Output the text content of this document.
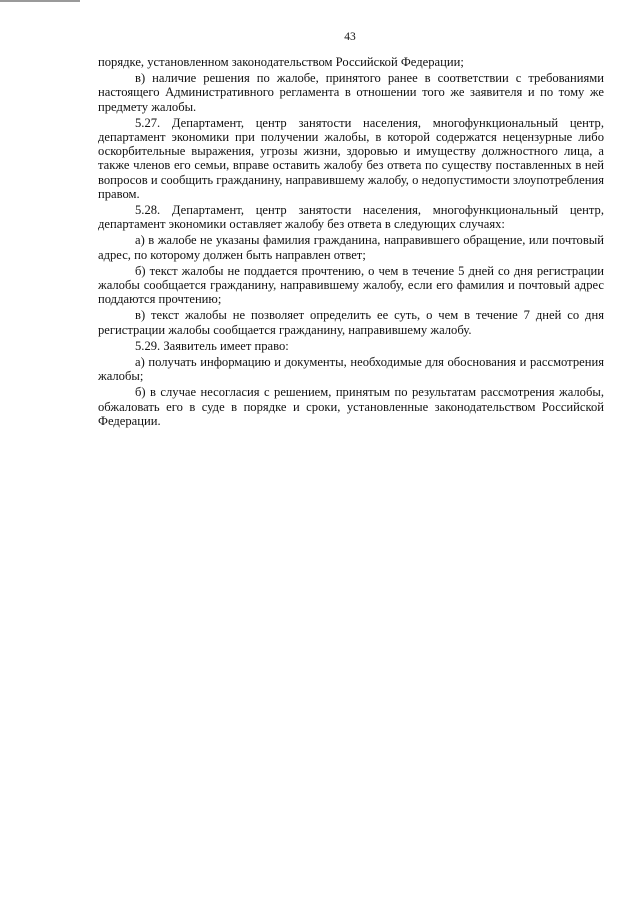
43

порядке, установленном законодательством Российской Федерации;

в) наличие решения по жалобе, принятого ранее в соответствии с требованиями настоящего Административного регламента в отношении того же заявителя и по тому же предмету жалобы.

5.27. Департамент, центр занятости населения, многофункциональный центр, департамент экономики при получении жалобы, в которой содержатся нецензурные либо оскорбительные выражения, угрозы жизни, здоровью и имуществу должностного лица, а также членов его семьи, вправе оставить жалобу без ответа по существу поставленных в ней вопросов и сообщить гражданину, направившему жалобу, о недопустимости злоупотребления правом.

5.28. Департамент, центр занятости населения, многофункциональный центр, департамент экономики оставляет жалобу без ответа в следующих случаях:

а) в жалобе не указаны фамилия гражданина, направившего обращение, или почтовый адрес, по которому должен быть направлен ответ;

б) текст жалобы не поддается прочтению, о чем в течение 5 дней со дня регистрации жалобы сообщается гражданину, направившему жалобу, если его фамилия и почтовый адрес поддаются прочтению;

в) текст жалобы не позволяет определить ее суть, о чем в течение 7 дней со дня регистрации жалобы сообщается гражданину, направившему жалобу.

5.29. Заявитель имеет право:

а) получать информацию и документы, необходимые для обоснования и рассмотрения жалобы;

б) в случае несогласия с решением, принятым по результатам рассмотрения жалобы, обжаловать его в суде в порядке и сроки, установленные законодательством Российской Федерации.
